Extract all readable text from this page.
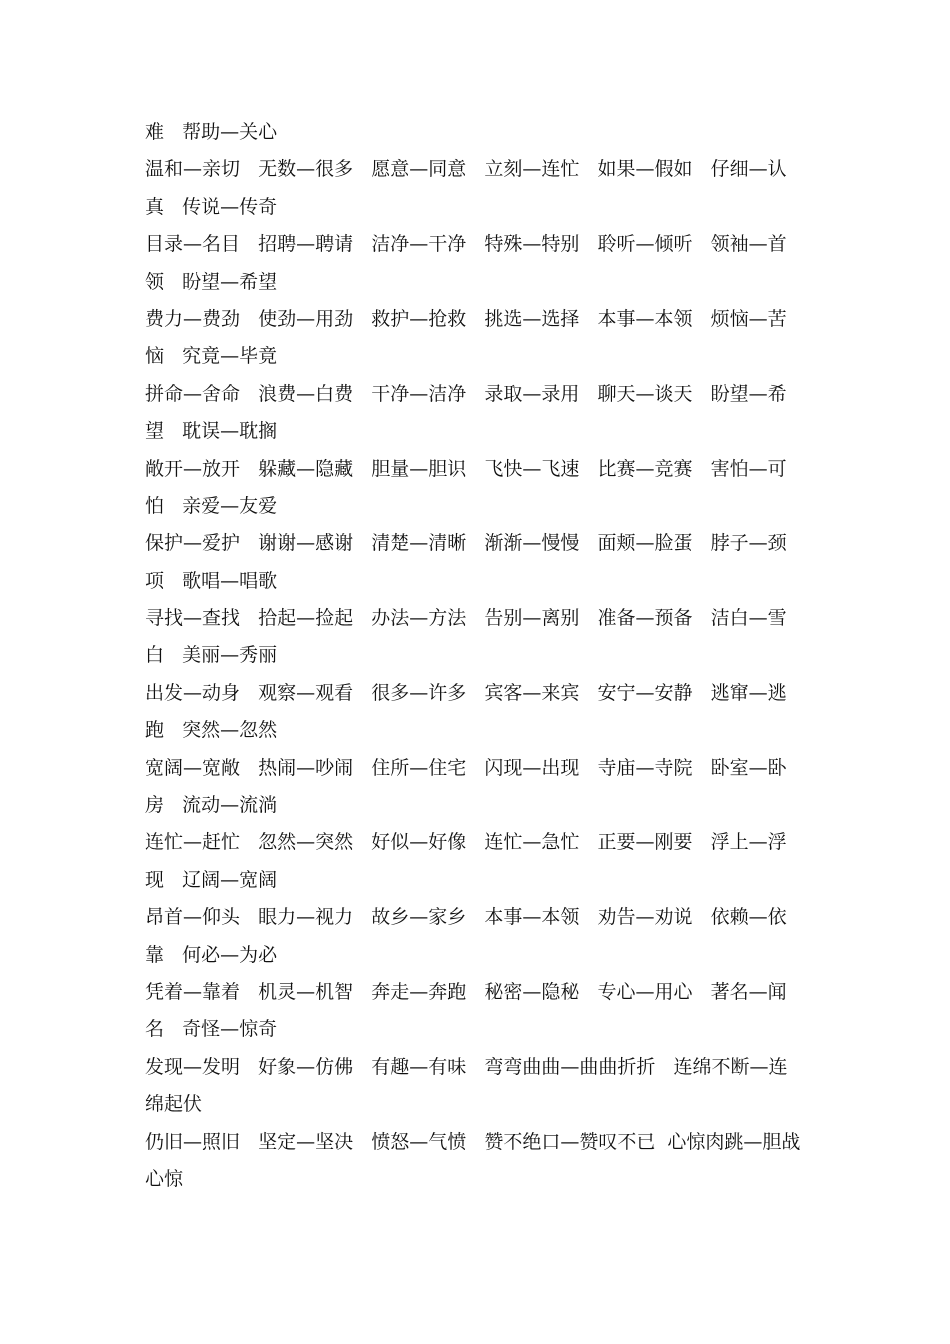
难   帮助—关心
温和—亲切   无数—很多   愿意—同意   立刻—连忙   如果—假如   仔细—认
真   传说—传奇
目录—名目   招聘—聘请   洁净—干净   特殊—特别   聆听—倾听   领袖—首
领   盼望—希望
费力—费劲   使劲—用劲   救护—抢救   挑选—选择   本事—本领   烦恼—苦
恼   究竟—毕竟
拼命—舍命   浪费—白费   干净—洁净   录取—录用   聊天—谈天   盼望—希
望   耽误—耽搁
敞开—放开   躲藏—隐藏   胆量—胆识   飞快—飞速   比赛—竞赛   害怕—可
怕   亲爱—友爱
保护—爱护   谢谢—感谢   清楚—清晰   渐渐—慢慢   面颊—脸蛋   脖子—颈
项   歌唱—唱歌
寻找—查找   拾起—捡起   办法—方法   告别—离别   准备—预备   洁白—雪
白   美丽—秀丽
出发—动身   观察—观看   很多—许多   宾客—来宾   安宁—安静   逃窜—逃
跑   突然—忽然
宽阔—宽敞   热闹—吵闹   住所—住宅   闪现—出现   寺庙—寺院   卧室—卧
房   流动—流淌
连忙—赶忙   忽然—突然   好似—好像   连忙—急忙   正要—刚要   浮上—浮
现   辽阔—宽阔
昂首—仰头   眼力—视力   故乡—家乡   本事—本领   劝告—劝说   依赖—依
靠   何必—为必
凭着—靠着   机灵—机智   奔走—奔跑   秘密—隐秘   专心—用心   著名—闻
名   奇怪—惊奇
发现—发明   好象—仿佛   有趣—有味   弯弯曲曲—曲曲折折   连绵不断—连
绵起伏
仍旧—照旧   坚定—坚决   愤怒—气愤   赞不绝口—赞叹不已  心惊肉跳—胆战
心惊
